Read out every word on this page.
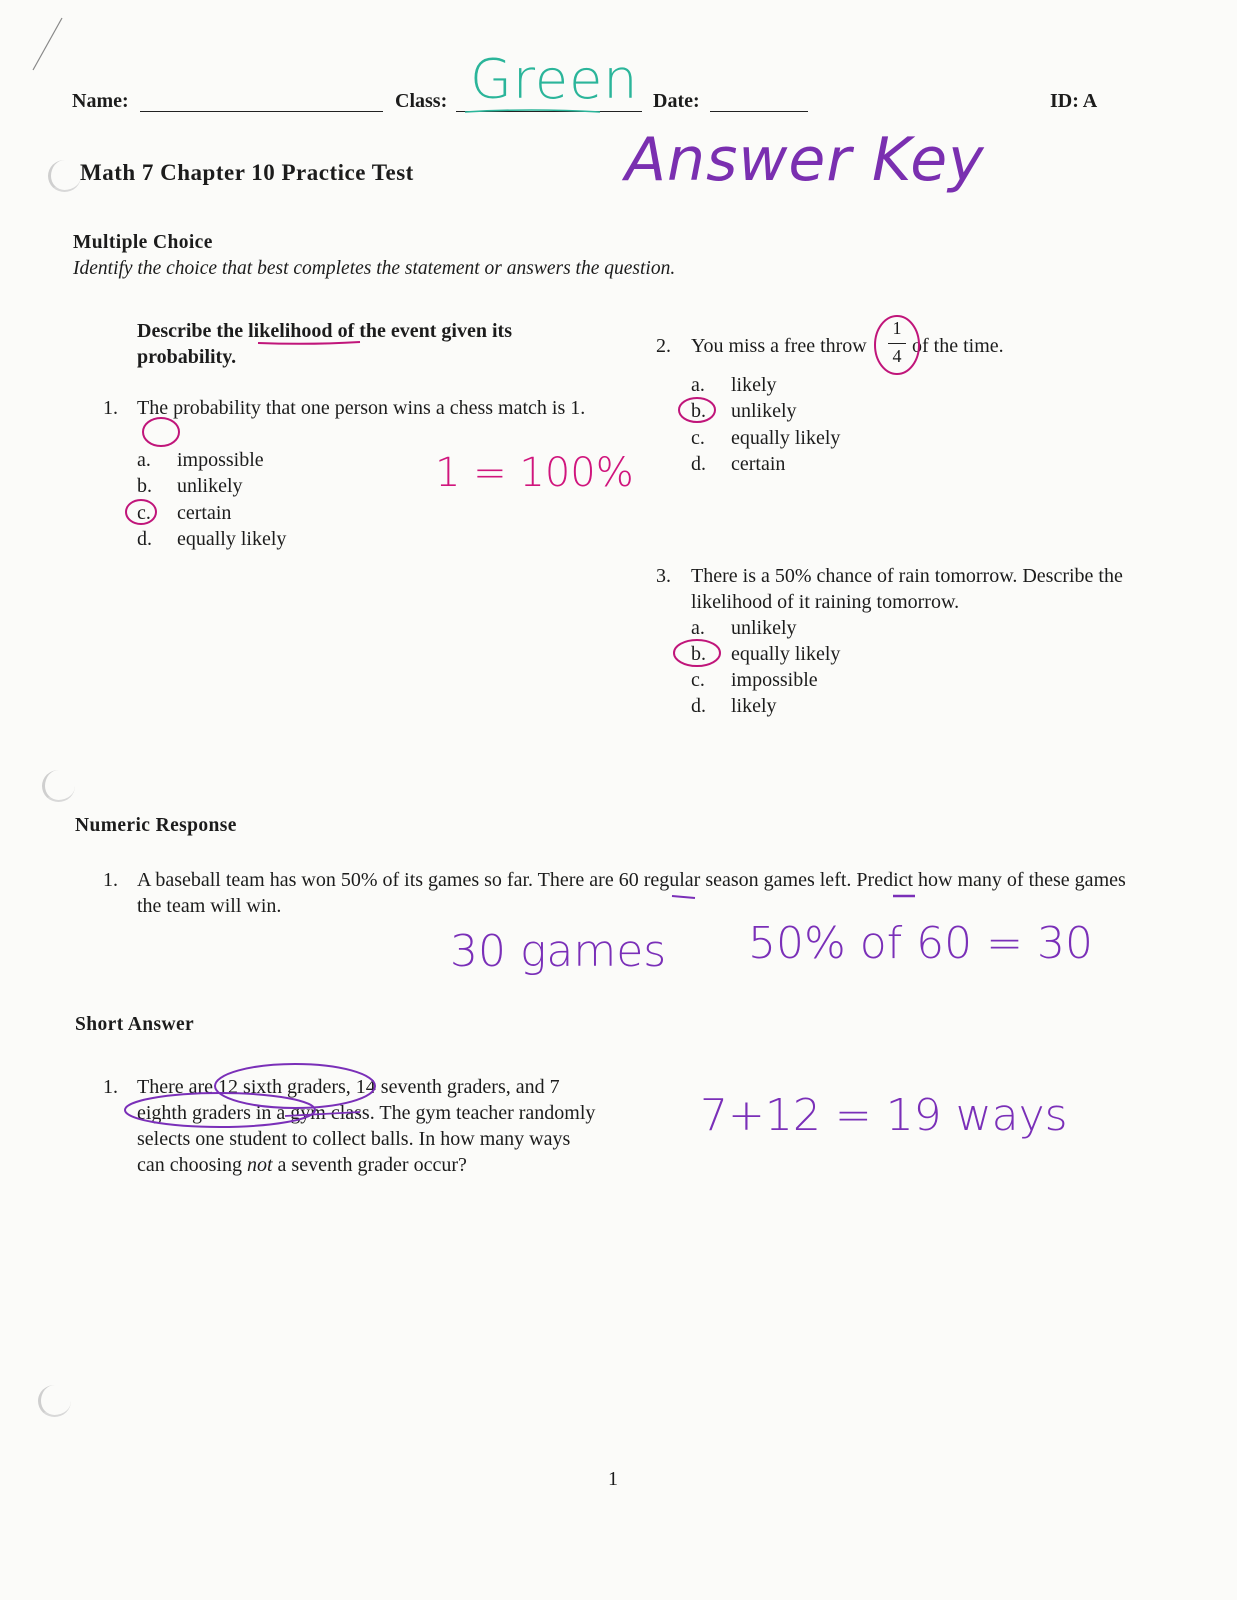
Name:	Class: Green Date:	ID: A
Math 7 Chapter 10 Practice Test	Answer Key
Multiple Choice
Identify the choice that best completes the statement or answers the question.
Describe the likelihood of the event given its probability.
1. The probability that one person wins a chess match is 1.
a. impossible
b. unlikely
c. certain
d. equally likely
1 = 100%
2. You miss a free throw
1
4 of the time.
a. likely
b. unlikely
c. equally likely
d. certain
3. There is a 50% chance of rain tomorrow. Describe the likelihood of it raining tomorrow.
a. unlikely
b. equally likely
c. impossible
d. likely
Numeric Response
1. A baseball team has won 50% of its games so far. There are 60 regular season games left. Predict how many of these games the team will win.
30 games 50% of 60 = 30
Short Answer
1. There are 12 sixth graders, 14 seventh graders, and 7 eighth graders in a gym class. The gym teacher randomly selects one student to collect balls. In how many ways can choosing not a seventh grader occur?
7+12 = 19 ways
1
